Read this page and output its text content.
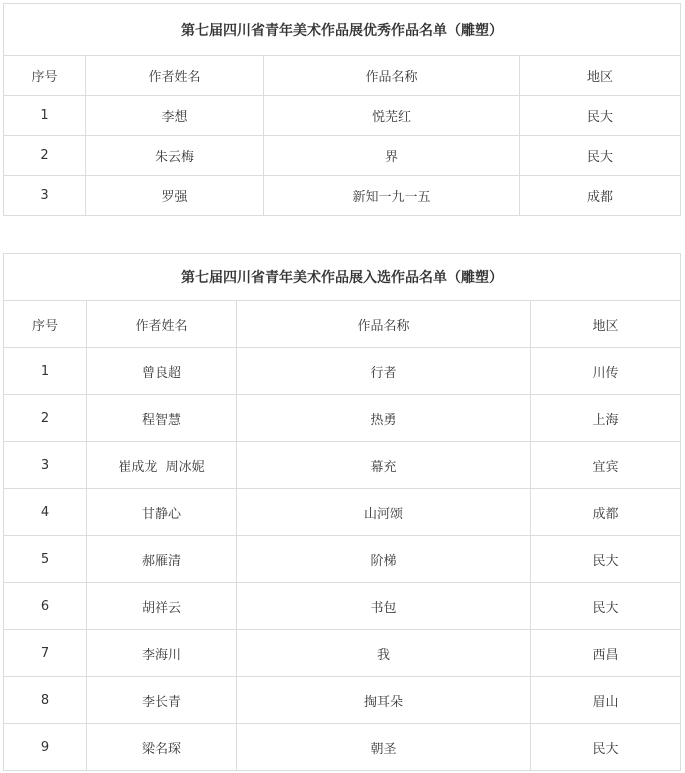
第七届四川省青年美术作品展优秀作品名单（雕塑）			
序号	作者姓名	作品名称	地区
1	李想	悦芜红	民大
2	朱云梅	界	民大
3	罗强	新知一九一五	成都
第七届四川省青年美术作品展入选作品名单（雕塑）			
序号	作者姓名	作品名称	地区
1	曾良超	行者	川传
2	程智慧	热勇	上海
3	崔成龙  周冰妮	幕充	宜宾
4	甘静心	山河颂	成都
5	郝雁清	阶梯	民大
6	胡祥云	书包	民大
7	李海川	我	西昌
8	李长青	掏耳朵	眉山
9	梁名琛	朝圣	民大
